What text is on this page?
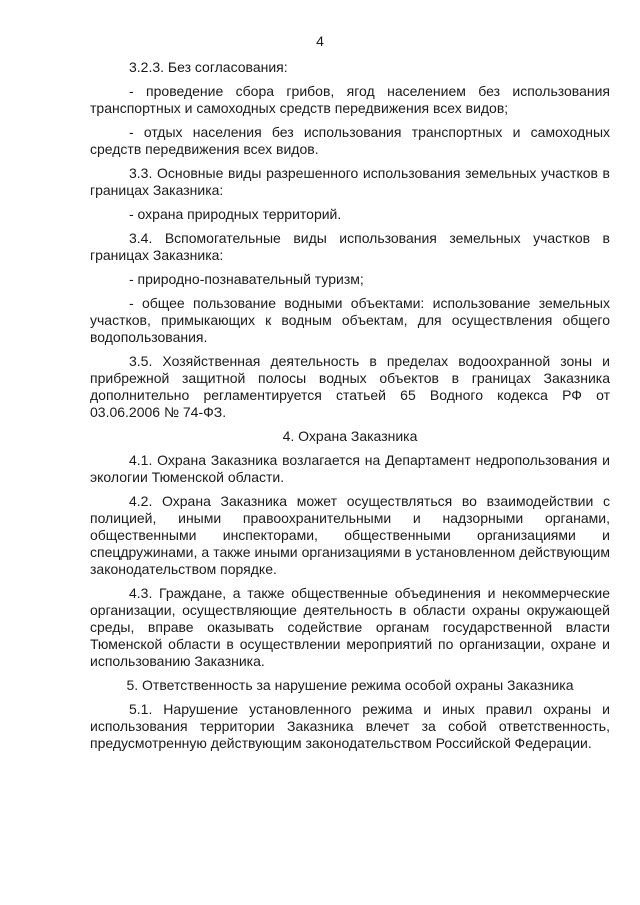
4

3.2.3. Без согласования:

- проведение сбора грибов, ягод населением без использования транспортных и самоходных средств передвижения всех видов;

- отдых населения без использования транспортных и самоходных средств передвижения всех видов.

3.3. Основные виды разрешенного использования земельных участков в границах Заказника:

- охрана природных территорий.

3.4. Вспомогательные виды использования земельных участков в границах Заказника:

- природно-познавательный туризм;

- общее пользование водными объектами: использование земельных участков, примыкающих к водным объектам, для осуществления общего водопользования.

3.5. Хозяйственная деятельность в пределах водоохранной зоны и прибрежной защитной полосы водных объектов в границах Заказника дополнительно регламентируется статьей 65 Водного кодекса РФ от 03.06.2006 № 74-ФЗ.

4. Охрана Заказника

4.1. Охрана Заказника возлагается на Департамент недропользования и экологии Тюменской области.

4.2. Охрана Заказника может осуществляться во взаимодействии с полицией, иными правоохранительными и надзорными органами, общественными инспекторами, общественными организациями и спецдружинами, а также иными организациями в установленном действующим законодательством порядке.

4.3. Граждане, а также общественные объединения и некоммерческие организации, осуществляющие деятельность в области охраны окружающей среды, вправе оказывать содействие органам государственной власти Тюменской области в осуществлении мероприятий по организации, охране и использованию Заказника.

5. Ответственность за нарушение режима особой охраны Заказника

5.1. Нарушение установленного режима и иных правил охраны и использования территории Заказника влечет за собой ответственность, предусмотренную действующим законодательством Российской Федерации.
